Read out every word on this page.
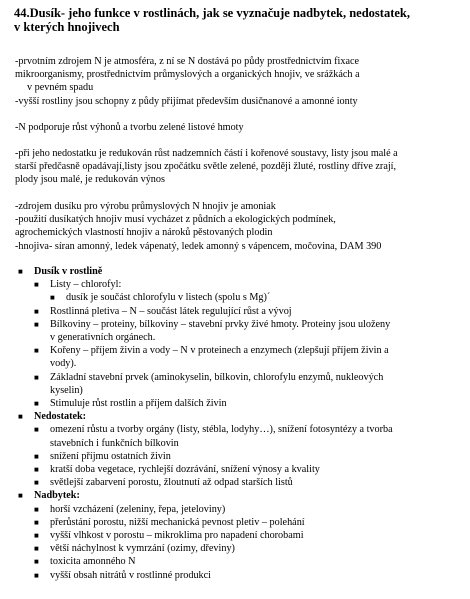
44.Dusík- jeho funkce v rostlinách, jak se vyznačuje nadbytek, nedostatek,
v kterých hnojivech
-prvotním zdrojem N je atmosféra, z ní se N dostává po půdy prostřednictvím fixace
mikroorganismy, prostřednictvím průmyslových a organických hnojiv, ve srážkách a
v pevném spadu
-vyšší rostliny jsou schopny z půdy přijímat především dusičnanové a amonné ionty
-N podporuje růst výhonů a tvorbu zelené listové hmoty
-při jeho nedostatku je redukován růst nadzemních částí i kořenové soustavy, listy jsou malé a
starší předčasně opadávají,listy jsou zpočátku světle zelené, později žluté, rostliny dříve zrají,
plody jsou malé, je redukován výnos
-zdrojem dusíku pro výrobu průmyslových N hnojiv je amoniak
-použití dusíkatých hnojiv musí vycházet z půdních a ekologických podmínek,
agrochemických vlastností hnojiv a nároků pěstovaných plodin
-hnojiva- síran amonný, ledek vápenatý, ledek amonný s vápencem, močovina, DAM 390
■ Dusík v rostlině
■ Listy – chlorofyl:
■ dusík je součást chlorofylu v listech (spolu s Mg)´
■ Rostlinná pletiva – N – součást látek regulující růst a vývoj
■ Bílkoviny – proteiny, bílkoviny – stavební prvky živé hmoty. Proteiny jsou uloženy
v generativních orgánech.
■ Kořeny – příjem živin a vody – N v proteinech a enzymech (zlepšují příjem živin a
vody).
■ Základní stavební prvek (aminokyselin, bílkovin, chlorofylu enzymů, nukleových
kyselin)
■ Stimuluje růst rostlin a příjem dalších živin
■ Nedostatek:
■ omezení růstu a tvorby orgány (listy, stébla, lodyhy…), snížení fotosyntézy a tvorba
stavebních i funkčních bílkovin
■ snížení příjmu ostatních živin
■ kratší doba vegetace, rychlejší dozrávání, snížení výnosy a kvality
■ světlejší zabarvení porostu, žloutnutí až odpad starších listů
■ Nadbytek:
■ horší vzcházení (zeleniny, řepa, jeteloviny)
■ přerůstání porostu, nižší mechanická pevnost pletiv – polehání
■ vyšší vlhkost v porostu – mikroklima pro napadení chorobami
■ větší náchylnost k vymrzání (ozimy, dřeviny)
■ toxicita amonného N
■ vyšší obsah nitrátů v rostlinné produkci
